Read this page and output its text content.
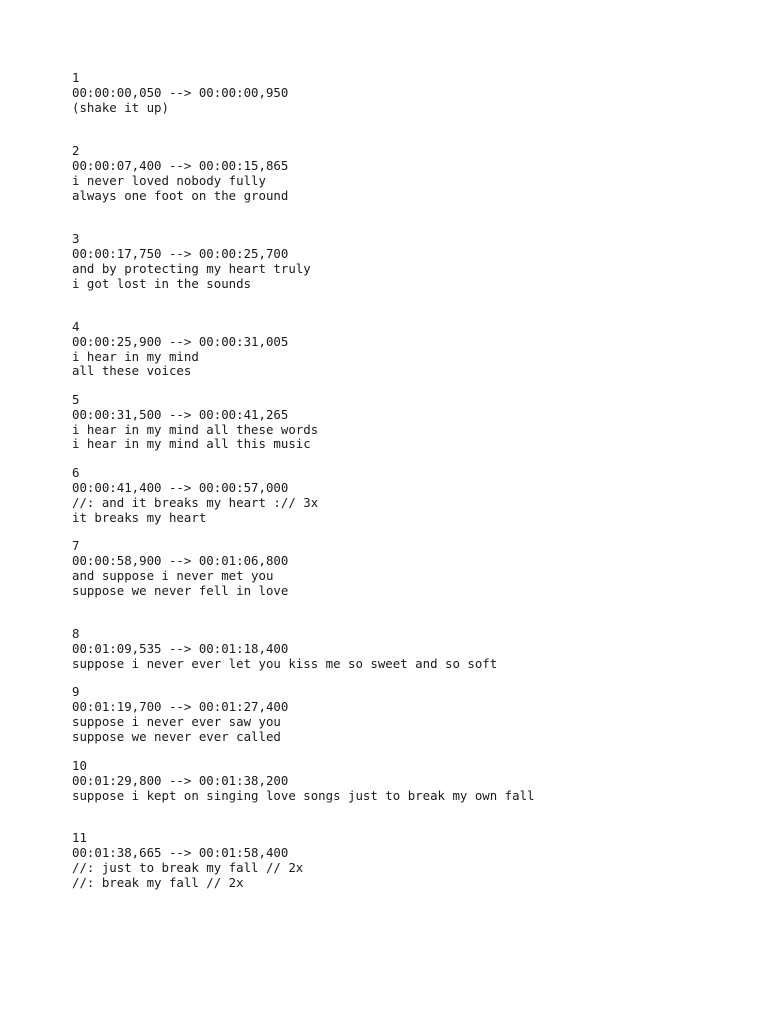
1
00:00:00,050 --> 00:00:00,950
(shake it up)
2
00:00:07,400 --> 00:00:15,865
i never loved nobody fully
always one foot on the ground
3
00:00:17,750 --> 00:00:25,700
and by protecting my heart truly
i got lost in the sounds
4
00:00:25,900 --> 00:00:31,005
i hear in my mind
all these voices
5
00:00:31,500 --> 00:00:41,265
i hear in my mind all these words
i hear in my mind all this music
6
00:00:41,400 --> 00:00:57,000
//: and it breaks my heart :// 3x
it breaks my heart
7
00:00:58,900 --> 00:01:06,800
and suppose i never met you
suppose we never fell in love
8
00:01:09,535 --> 00:01:18,400
suppose i never ever let you kiss me so sweet and so soft
9
00:01:19,700 --> 00:01:27,400
suppose i never ever saw you
suppose we never ever called
10
00:01:29,800 --> 00:01:38,200
suppose i kept on singing love songs just to break my own fall
11
00:01:38,665 --> 00:01:58,400
//: just to break my fall // 2x
//: break my fall // 2x
